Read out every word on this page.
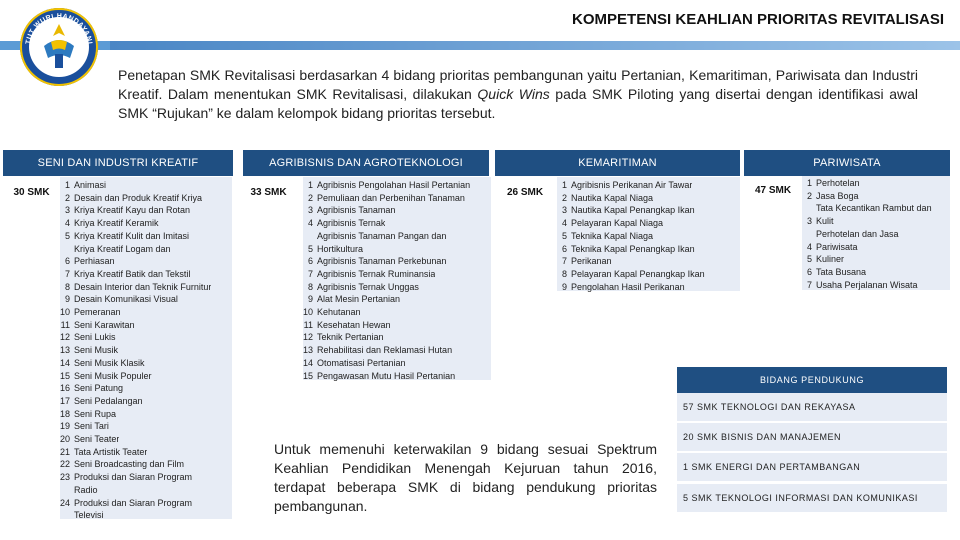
TUT WURI HANDAYANI
KOMPETENSI KEAHLIAN PRIORITAS REVITALISASI

Penetapan SMK Revitalisasi berdasarkan 4 bidang prioritas pembangunan yaitu Pertanian, Kemaritiman, Pariwisata dan Industri Kreatif. Dalam menentukan SMK Revitalisasi, dilakukan Quick Wins pada SMK Piloting yang disertai dengan identifikasi awal SMK “Rujukan” ke dalam kelompok bidang prioritas tersebut.

SENI DAN INDUSTRI KREATIF
30 SMK
1 Animasi
2 Desain dan Produk Kreatif Kriya
3 Kriya Kreatif Kayu dan Rotan
4 Kriya Kreatif Keramik
5 Kriya Kreatif Kulit dan Imitasi
Kriya Kreatif Logam dan
6 Perhiasan
7 Kriya Kreatif Batik dan Tekstil
8 Desain Interior dan Teknik Furnitur
9 Desain Komunikasi Visual
10 Pemeranan
11 Seni Karawitan
12 Seni Lukis
13 Seni Musik
14 Seni Musik Klasik
15 Seni Musik Populer
16 Seni Patung
17 Seni Pedalangan
18 Seni Rupa
19 Seni Tari
20 Seni Teater
21 Tata Artistik Teater
22 Seni Broadcasting dan Film
23 Produksi dan Siaran Program
Radio
24 Produksi dan Siaran Program
Televisi
AGRIBISNIS DAN AGROTEKNOLOGI
33 SMK
1 Agribisnis Pengolahan Hasil Pertanian
2 Pemuliaan dan Perbenihan Tanaman
3 Agribisnis Tanaman
4 Agribisnis Ternak
Agribisnis Tanaman Pangan dan
5 Hortikultura
6 Agribisnis Tanaman Perkebunan
7 Agribisnis Ternak Ruminansia
8 Agribisnis Ternak Unggas
9 Alat Mesin Pertanian
10 Kehutanan
11 Kesehatan Hewan
12 Teknik Pertanian
13 Rehabilitasi dan Reklamasi Hutan
14 Otomatisasi Pertanian
15 Pengawasan Mutu Hasil Pertanian
KEMARITIMAN
26 SMK
1 Agribisnis Perikanan Air Tawar
2 Nautika Kapal Niaga
3 Nautika Kapal Penangkap Ikan
4 Pelayaran Kapal Niaga
5 Teknika Kapal Niaga
6 Teknika Kapal Penangkap Ikan
7 Perikanan
8 Pelayaran Kapal Penangkap Ikan
9 Pengolahan Hasil Perikanan
PARIWISATA
47 SMK
1 Perhotelan
2 Jasa Boga
Tata Kecantikan Rambut dan
3 Kulit
Perhotelan dan Jasa
4 Pariwisata
5 Kuliner
6 Tata Busana
7 Usaha Perjalanan Wisata
BIDANG PENDUKUNG
57 SMK TEKNOLOGI DAN REKAYASA
20 SMK BISNIS DAN MANAJEMEN
1 SMK ENERGI DAN PERTAMBANGAN
5 SMK TEKNOLOGI INFORMASI DAN KOMUNIKASI

Untuk memenuhi keterwakilan 9 bidang sesuai Spektrum Keahlian Pendidikan Menengah Kejuruan tahun 2016, terdapat beberapa SMK di bidang pendukung prioritas pembangunan.
